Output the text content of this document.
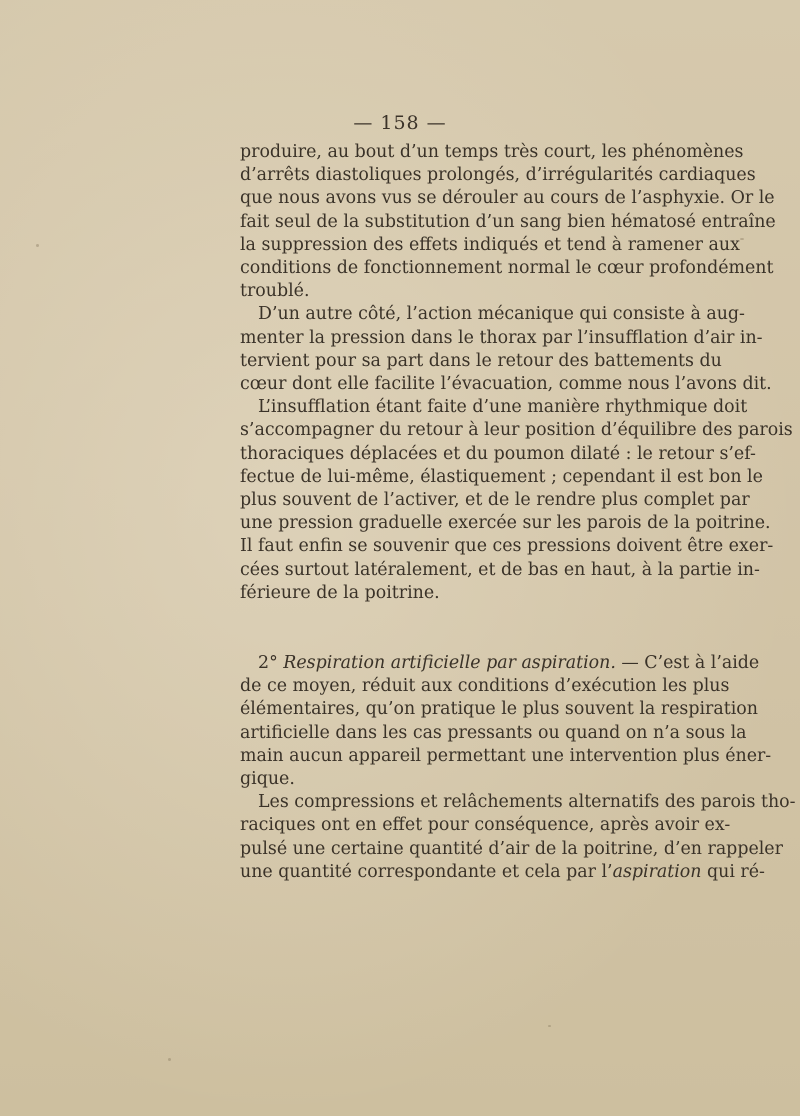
— 158 —
produire, au bout d’un temps très court, les phénomènes
d’arrêts diastoliques prolongés, d’irrégularités cardiaques
que nous avons vus se dérouler au cours de l’asphyxie. Or le
fait seul de la substitution d’un sang bien hématosé entraîne
la suppression des effets indiqués et tend à ramener aux
conditions de fonctionnement normal le cœur profondément
troublé.
D’un autre côté, l’action mécanique qui consiste à aug-
menter la pression dans le thorax par l’insufflation d’air in-
tervient pour sa part dans le retour des battements du
cœur dont elle facilite l’évacuation, comme nous l’avons dit.
L’insufflation étant faite d’une manière rhythmique doit
s’accompagner du retour à leur position d’équilibre des parois
thoraciques déplacées et du poumon dilaté : le retour s’ef-
fectue de lui-même, élastiquement ; cependant il est bon le
plus souvent de l’activer, et de le rendre plus complet par
une pression graduelle exercée sur les parois de la poitrine.
Il faut enfin se souvenir que ces pressions doivent être exer-
cées surtout latéralement, et de bas en haut, à la partie in-
férieure de la poitrine.
2° Respiration artificielle par aspiration. — C’est à l’aide
de ce moyen, réduit aux conditions d’exécution les plus
élémentaires, qu’on pratique le plus souvent la respiration
artificielle dans les cas pressants ou quand on n’a sous la
main aucun appareil permettant une intervention plus éner-
gique.
Les compressions et relâchements alternatifs des parois tho-
raciques ont en effet pour conséquence, après avoir ex-
pulsé une certaine quantité d’air de la poitrine, d’en rappeler
une quantité correspondante et cela par l’aspiration qui ré-
